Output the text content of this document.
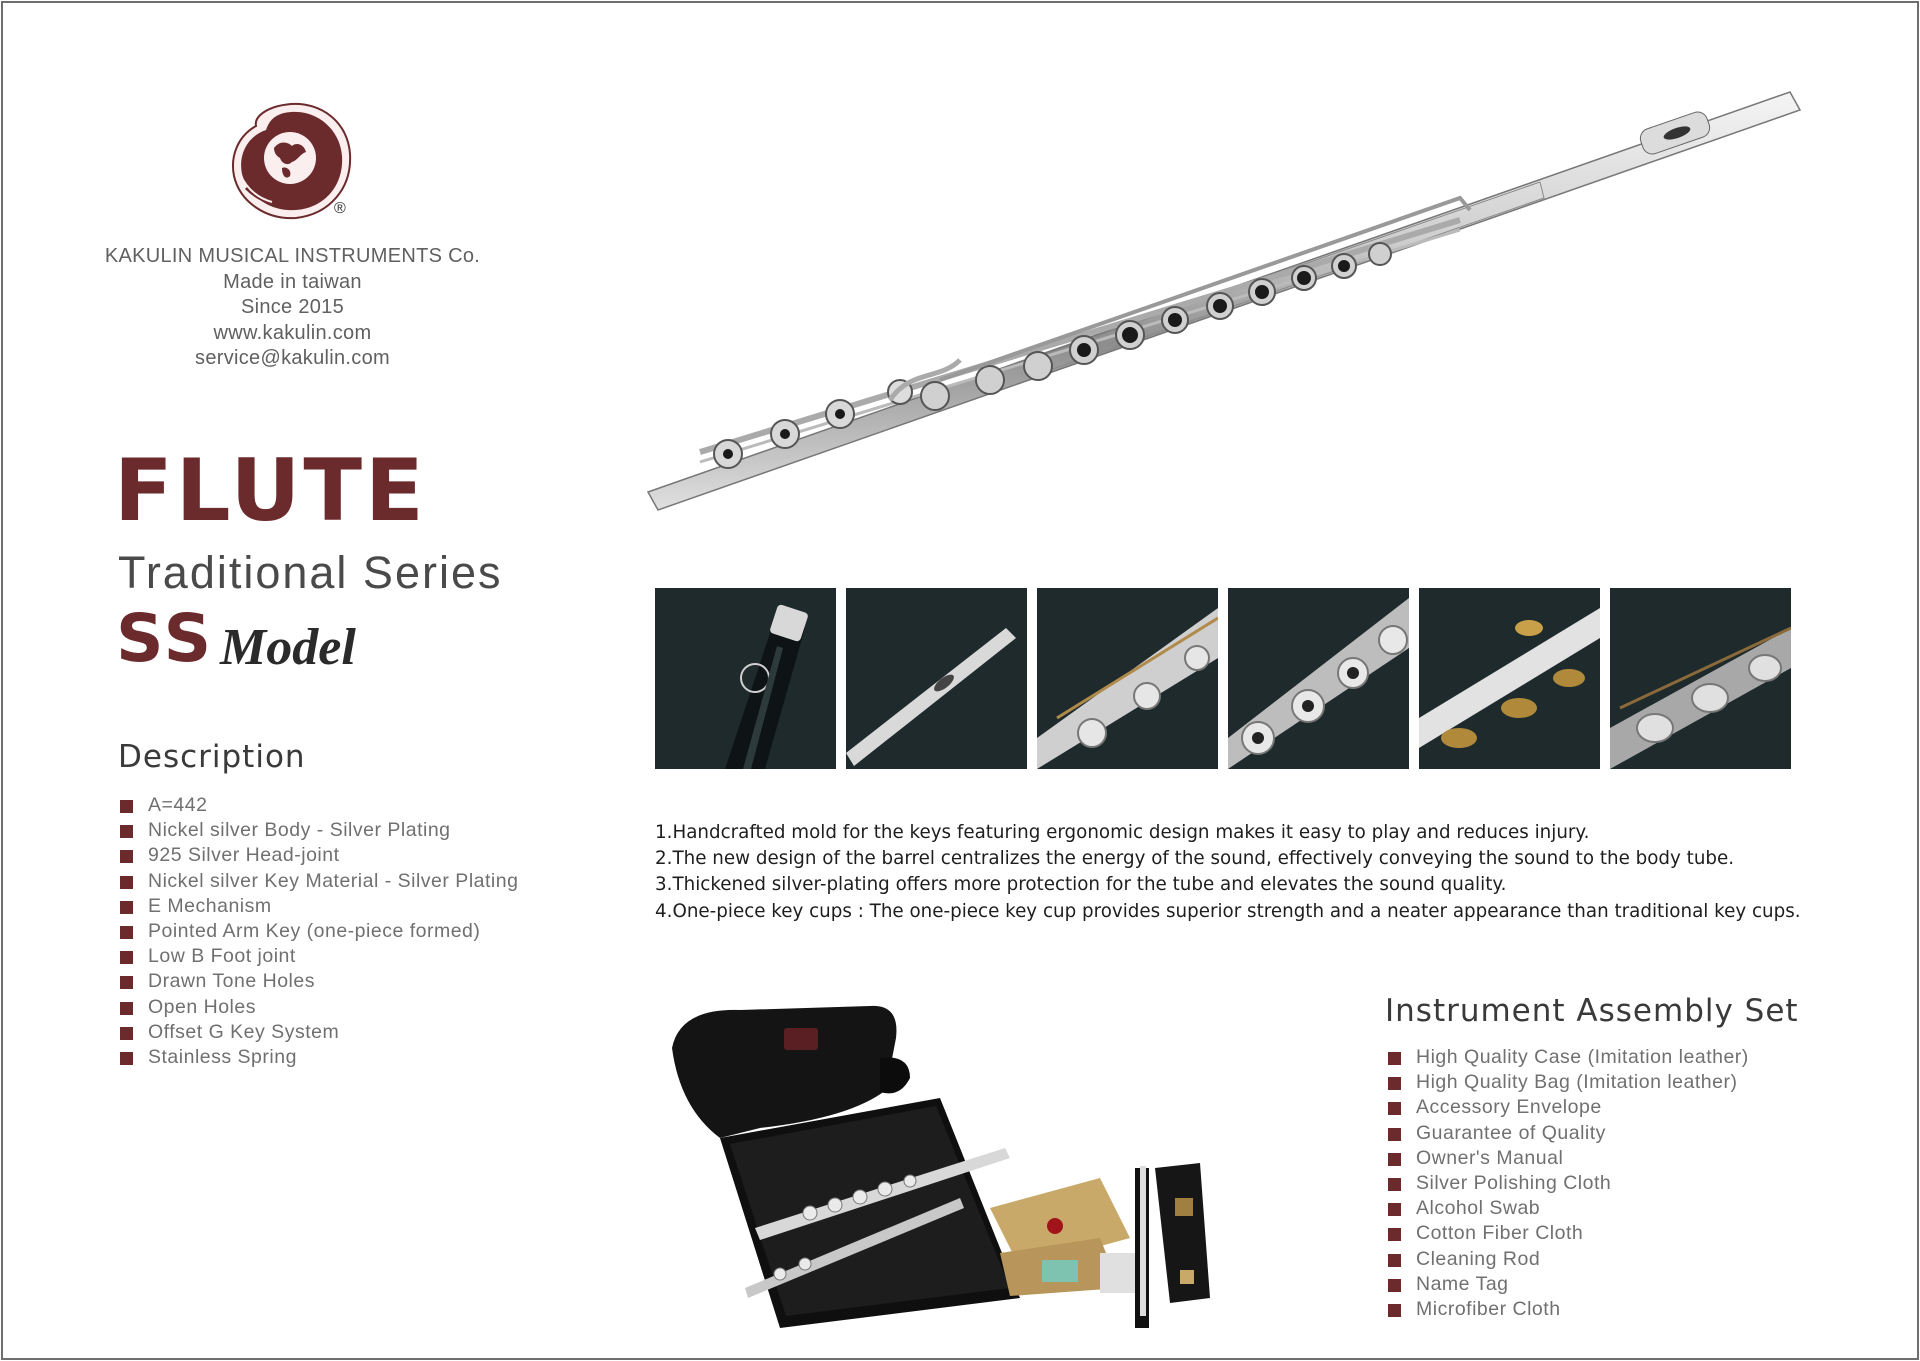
®
KAKULIN MUSICAL INSTRUMENTS Co.
Made in taiwan
Since 2015
www.kakulin.com
service@kakulin.com
FLUTE
Traditional Series
SS Model
Description
A=442
Nickel silver Body - Silver Plating
925 Silver Head-joint
Nickel silver Key Material - Silver Plating
E Mechanism
Pointed Arm Key (one-piece formed)
Low B Foot joint
Drawn Tone Holes
Open Holes
Offset G Key System
Stainless Spring
1.Handcrafted mold for the keys featuring ergonomic design makes it easy to play and reduces injury.
2.The new design of the barrel centralizes the energy of the sound, effectively conveying the sound to the body tube.
3.Thickened silver-plating offers more protection for the tube and elevates the sound quality.
4.One-piece key cups : The one-piece key cup provides superior strength and a neater appearance than traditional key cups.
Instrument Assembly Set
High Quality Case (Imitation leather)
High Quality Bag (Imitation leather)
Accessory Envelope
Guarantee of Quality
Owner's Manual
Silver Polishing Cloth
Alcohol Swab
Cotton Fiber Cloth
Cleaning Rod
Name Tag
Microfiber Cloth
